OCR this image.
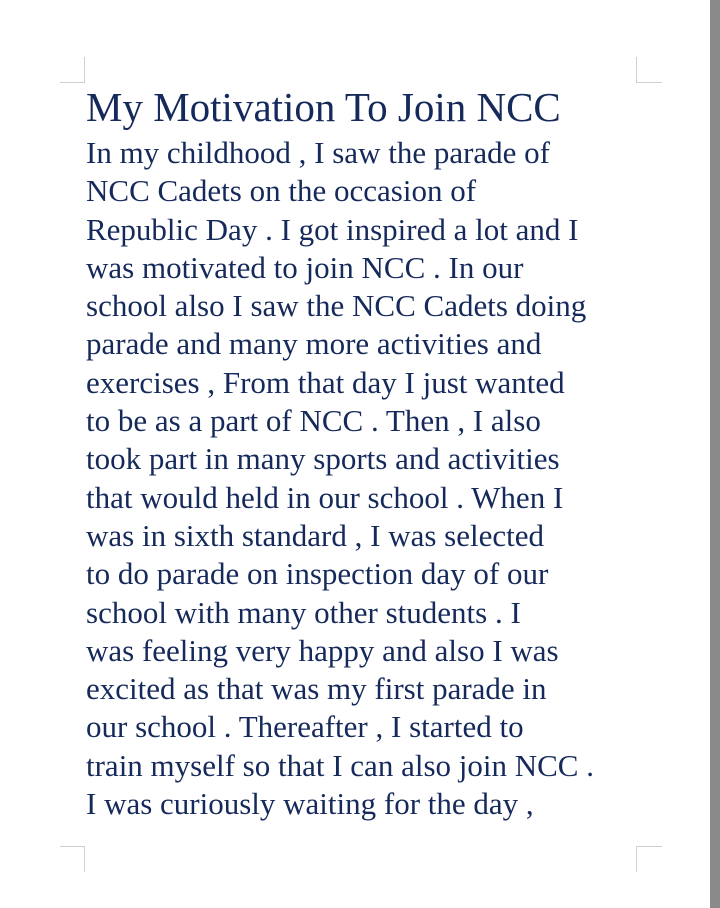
My Motivation To Join NCC
In my childhood , I saw the parade of
NCC Cadets on the occasion of
Republic Day . I got inspired a lot and I
was motivated to join NCC . In our
school also I saw the NCC Cadets doing
parade and many more activities and
exercises , From that day I just wanted
to be as a part of NCC . Then , I also
took part in many sports and activities
that would held in our school . When I
was in sixth standard , I was selected
to do parade on inspection day of our
school with many other students . I
was feeling very happy and also I was
excited as that was my first parade in
our school . Thereafter , I started to
train myself so that I can also join NCC .
I was curiously waiting for the day ,
